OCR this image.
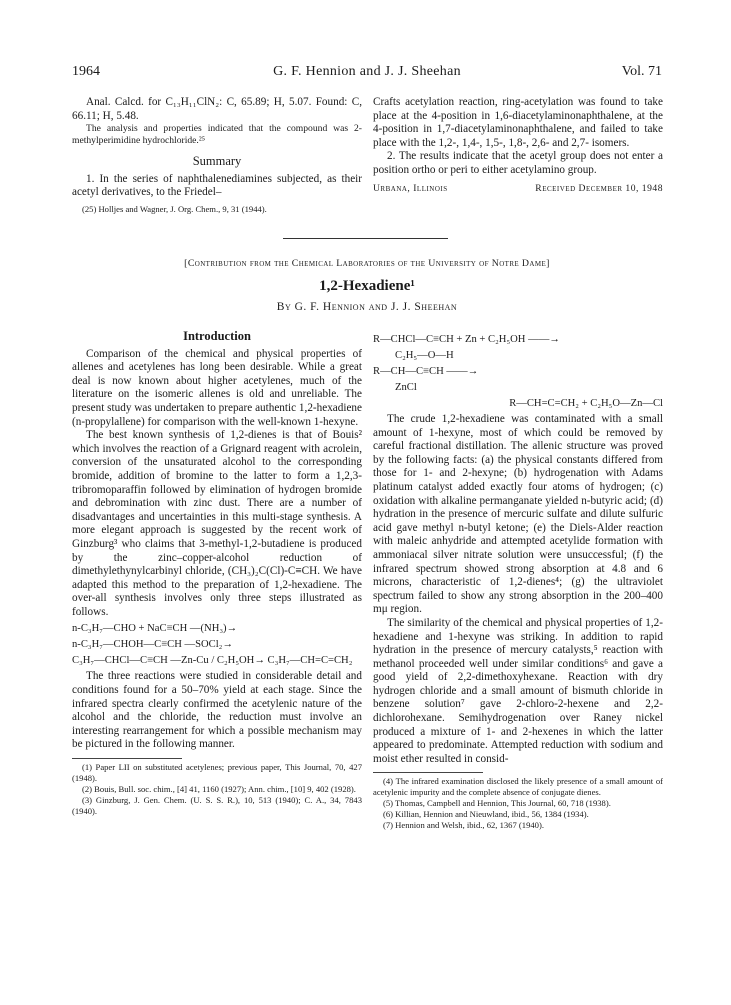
G. F. Hennion and J. J. Sheehan
1964	Vol. 71

Anal. Calcd. for C₁₃H₁₁ClN₂: C, 65.89; H, 5.07. Found: C, 66.11; H, 5.48.

The analysis and properties indicated that the compound was 2-methylperimidine hydrochloride.²⁵

Summary

1. In the series of naphthalenediamines subjected, as their acetyl derivatives, to the Friedel–

(25) Holljes and Wagner, J. Org. Chem., 9, 31 (1944).

Crafts acetylation reaction, ring-acetylation was found to take place at the 4-position in 1,6-diacetylaminonaphthalene, at the 4-position in 1,7-diacetylaminonaphthalene, and failed to take place with the 1,2-, 1,4-, 1,5-, 1,8-, 2,6- and 2,7- isomers.

2. The results indicate that the acetyl group does not enter a position ortho or peri to either acetylamino group.

Urbana, Illinois	Received December 10, 1948
[Contribution from the Chemical Laboratories of the University of Notre Dame]
1,2-Hexadiene¹
By G. F. Hennion and J. J. Sheehan
Introduction

Comparison of the chemical and physical properties of allenes and acetylenes has long been desirable. While a great deal is now known about higher acetylenes, much of the literature on the isomeric allenes is old and unreliable. The present study was undertaken to prepare authentic 1,2-hexadiene (n-propylallene) for comparison with the well-known 1-hexyne.

The best known synthesis of 1,2-dienes is that of Bouis² which involves the reaction of a Grignard reagent with acrolein, conversion of the unsaturated alcohol to the corresponding bromide, addition of bromine to the latter to form a 1,2,3-tribromoparaffin followed by elimination of hydrogen bromide and debromination with zinc dust. There are a number of disadvantages and uncertainties in this multi-stage synthesis. A more elegant approach is suggested by the recent work of Ginzburg³ who claims that 3-methyl-1,2-butadiene is produced by the zinc–copper-alcohol reduction of dimethylethynylcarbinyl chloride, (CH₃)₂C(Cl)-C≡CH. We have adapted this method to the preparation of 1,2-hexadiene. The over-all synthesis involves only three steps illustrated as follows.

n-C₃H₇—CHO + NaC≡CH —(NH₃)→
n-C₃H₇—CHOH—C≡CH —SOCl₂→
C₃H₇—CHCl—C≡CH —Zn-Cu / C₂H₅OH→ C₃H₇—CH=C=CH₂

The three reactions were studied in considerable detail and conditions found for a 50–70% yield at each stage. Since the infrared spectra clearly confirmed the acetylenic nature of the alcohol and the chloride, the reduction must involve an interesting rearrangement for which a possible mechanism may be pictured in the following manner.

(1) Paper LII on substituted acetylenes; previous paper, This Journal, 70, 427 (1948).

(2) Bouis, Bull. soc. chim., [4] 41, 1160 (1927); Ann. chim., [10] 9, 402 (1928).

(3) Ginzburg, J. Gen. Chem. (U. S. S. R.), 10, 513 (1940); C. A., 34, 7843 (1940).

R—CHCl—C≡CH + Zn + C₂H₅OH ——→
C₂H₅—O—H
R—CH—C≡CH ——→
ZnCl
R—CH=C=CH₂ + C₂H₅O—Zn—Cl

The crude 1,2-hexadiene was contaminated with a small amount of 1-hexyne, most of which could be removed by careful fractional distillation. The allenic structure was proved by the following facts: (a) the physical constants differed from those for 1- and 2-hexyne; (b) hydrogenation with Adams platinum catalyst added exactly four atoms of hydrogen; (c) oxidation with alkaline permanganate yielded n-butyric acid; (d) hydration in the presence of mercuric sulfate and dilute sulfuric acid gave methyl n-butyl ketone; (e) the Diels-Alder reaction with maleic anhydride and attempted acetylide formation with ammoniacal silver nitrate solution were unsuccessful; (f) the infrared spectrum showed strong absorption at 4.8 and 6 microns, characteristic of 1,2-dienes⁴; (g) the ultraviolet spectrum failed to show any strong absorption in the 200–400 mμ region.

The similarity of the chemical and physical properties of 1,2-hexadiene and 1-hexyne was striking. In addition to rapid hydration in the presence of mercury catalysts,⁵ reaction with methanol proceeded well under similar conditions⁶ and gave a good yield of 2,2-dimethoxyhexane. Reaction with dry hydrogen chloride and a small amount of bismuth chloride in benzene solution⁷ gave 2-chloro-2-hexene and 2,2-dichlorohexane. Semihydrogenation over Raney nickel produced a mixture of 1- and 2-hexenes in which the latter appeared to predominate. Attempted reduction with sodium and moist ether resulted in consid-

(4) The infrared examination disclosed the likely presence of a small amount of acetylenic impurity and the complete absence of conjugate dienes.

(5) Thomas, Campbell and Hennion, This Journal, 60, 718 (1938).

(6) Killian, Hennion and Nieuwland, ibid., 56, 1384 (1934).

(7) Hennion and Welsh, ibid., 62, 1367 (1940).
